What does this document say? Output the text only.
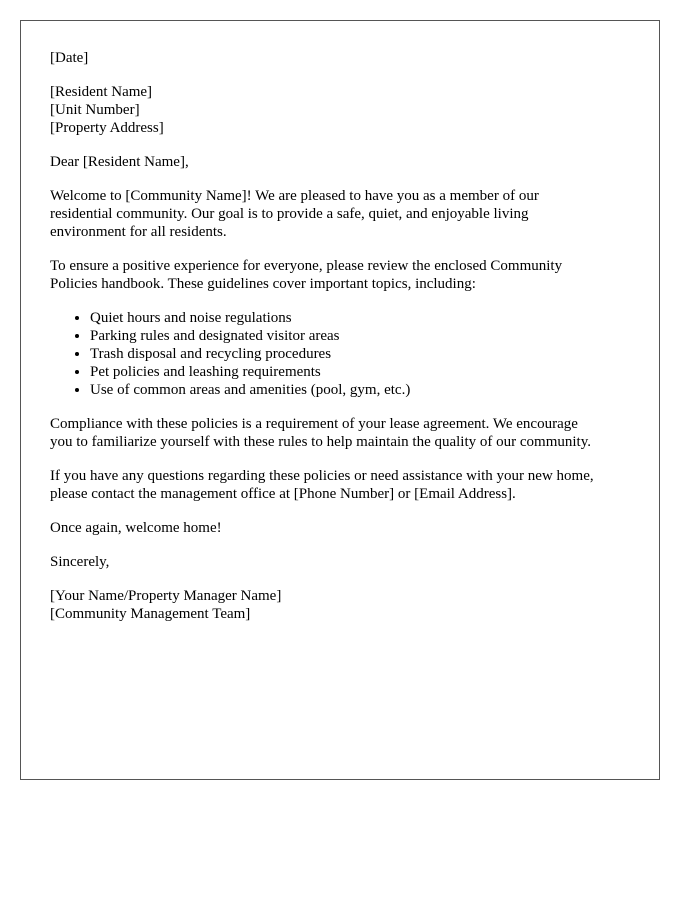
[Date]
[Resident Name]
[Unit Number]
[Property Address]

Dear [Resident Name],

Welcome to [Community Name]! We are pleased to have you as a member of our
residential community. Our goal is to provide a safe, quiet, and enjoyable living
environment for all residents.

To ensure a positive experience for everyone, please review the enclosed Community
Policies handbook. These guidelines cover important topics, including:

• Quiet hours and noise regulations
• Parking rules and designated visitor areas
• Trash disposal and recycling procedures
• Pet policies and leashing requirements
• Use of common areas and amenities (pool, gym, etc.)

Compliance with these policies is a requirement of your lease agreement. We encourage
you to familiarize yourself with these rules to help maintain the quality of our community.

If you have any questions regarding these policies or need assistance with your new home,
please contact the management office at [Phone Number] or [Email Address].

Once again, welcome home!

Sincerely,

[Your Name/Property Manager Name]
[Community Management Team]
